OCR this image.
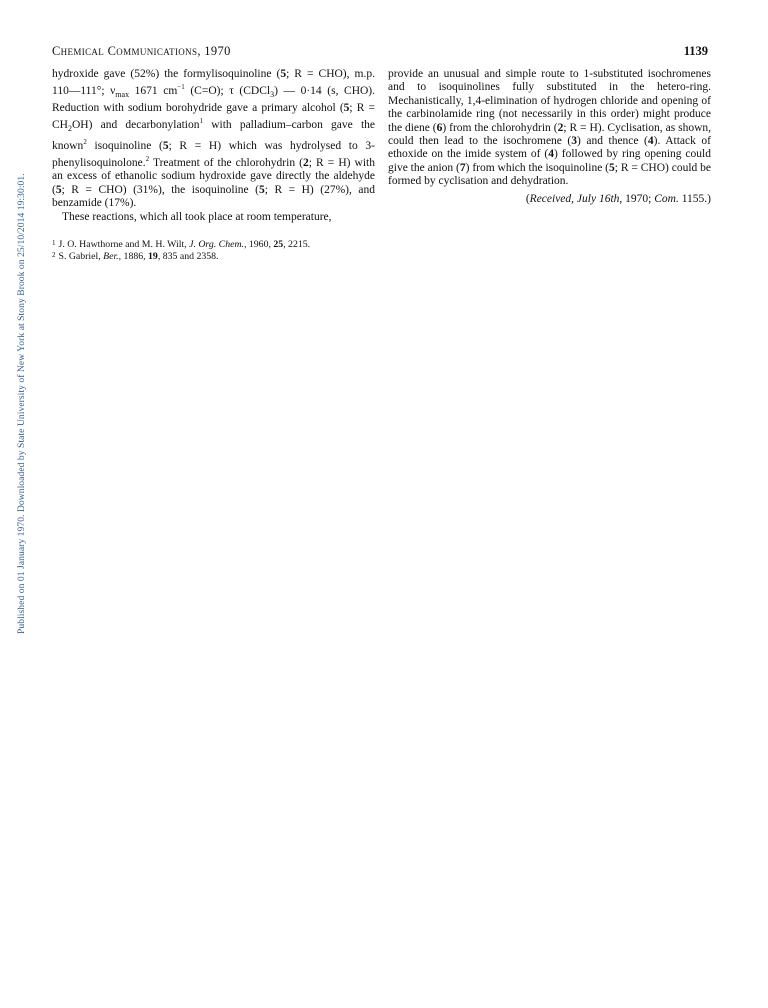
Published on 01 January 1970. Downloaded by State University of New York at Stony Brook on 25/10/2014 19:30:01.
Chemical Communications, 1970	1139

hydroxide gave (52%) the formylisoquinoline (5; R = CHO), m.p. 110—111°; $\nu_{max}$ 1671 $cm^{-1}$ (C=O); τ (CDCl$_3$) — 0·14 (s, CHO). Reduction with sodium borohydride gave a primary alcohol (5; $R = CH_2OH$) and decarbonylation$^1$ with palladium–carbon gave the known$^2$ isoquinoline (5; R = H) which was hydrolysed to 3-phenylisoquinolone.$^2$ Treatment of the chlorohydrin (2; R = H) with an excess of ethanolic sodium hydroxide gave directly the aldehyde (5; R = CHO) (31%), the isoquinoline (5; R = H) (27%), and benzamide (17%).

These reactions, which all took place at room temperature,

provide an unusual and simple route to 1-substituted isochromenes and to isoquinolines fully substituted in the hetero-ring. Mechanistically, 1,4-elimination of hydrogen chloride and opening of the carbinolamide ring (not necessarily in this order) might produce the diene (6) from the chlorohydrin (2; R = H). Cyclisation, as shown, could then lead to the isochromene (3) and thence (4). Attack of ethoxide on the imide system of (4) followed by ring opening could give the anion (7) from which the isoquinoline (5; R = CHO) could be formed by cyclisation and dehydration.

(Received, July 16th, 1970; Com. 1155.)

$^1$ J. O. Hawthorne and M. H. Wilt, J. Org. Chem., 1960, 25, 2215.
$^2$ S. Gabriel, Ber., 1886, 19, 835 and 2358.
